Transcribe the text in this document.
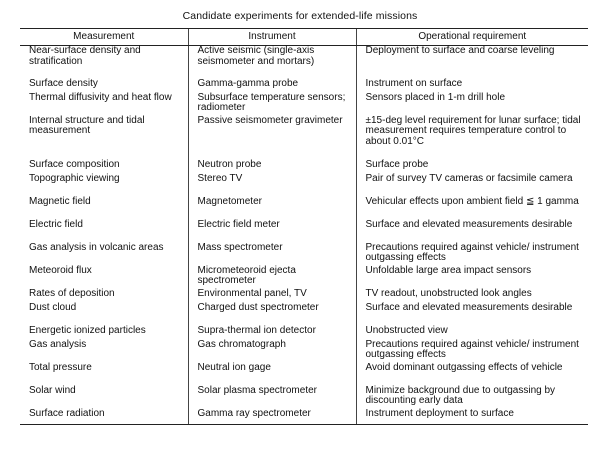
Candidate experiments for extended-life missions
Measurement	Instrument	Operational requirement
Near-surface density and stratification	Active seismic (single-axis seismometer and mortars)	Deployment to surface and coarse leveling
Surface density	Gamma-gamma probe	Instrument on surface
Thermal diffusivity and heat flow	Subsurface temperature sensors; radiometer	Sensors placed in 1-m drill hole
Internal structure and tidal measurement	Passive seismometer gravimeter	±15-deg level requirement for lunar surface; tidal measurement requires temperature control to about 0.01°C
Surface composition	Neutron probe	Surface probe
Topographic viewing	Stereo TV	Pair of survey TV cameras or facsimile camera
Magnetic field	Magnetometer	Vehicular effects upon ambient field ≦ 1 gamma
Electric field	Electric field meter	Surface and elevated measurements desirable
Gas analysis in volcanic areas	Mass spectrometer	Precautions required against vehicle/ instrument outgassing effects
Meteoroid flux	Micrometeoroid ejecta spectrometer	Unfoldable large area impact sensors
Rates of deposition	Environmental panel, TV	TV readout, unobstructed look angles
Dust cloud	Charged dust spectrometer	Surface and elevated measurements desirable
Energetic ionized particles	Supra-thermal ion detector	Unobstructed view
Gas analysis	Gas chromatograph	Precautions required against vehicle/ instrument outgassing effects
Total pressure	Neutral ion gage	Avoid dominant outgassing effects of vehicle
Solar wind	Solar plasma spectrometer	Minimize background due to outgassing by discounting early data
Surface radiation	Gamma ray spectrometer	Instrument deployment to surface
